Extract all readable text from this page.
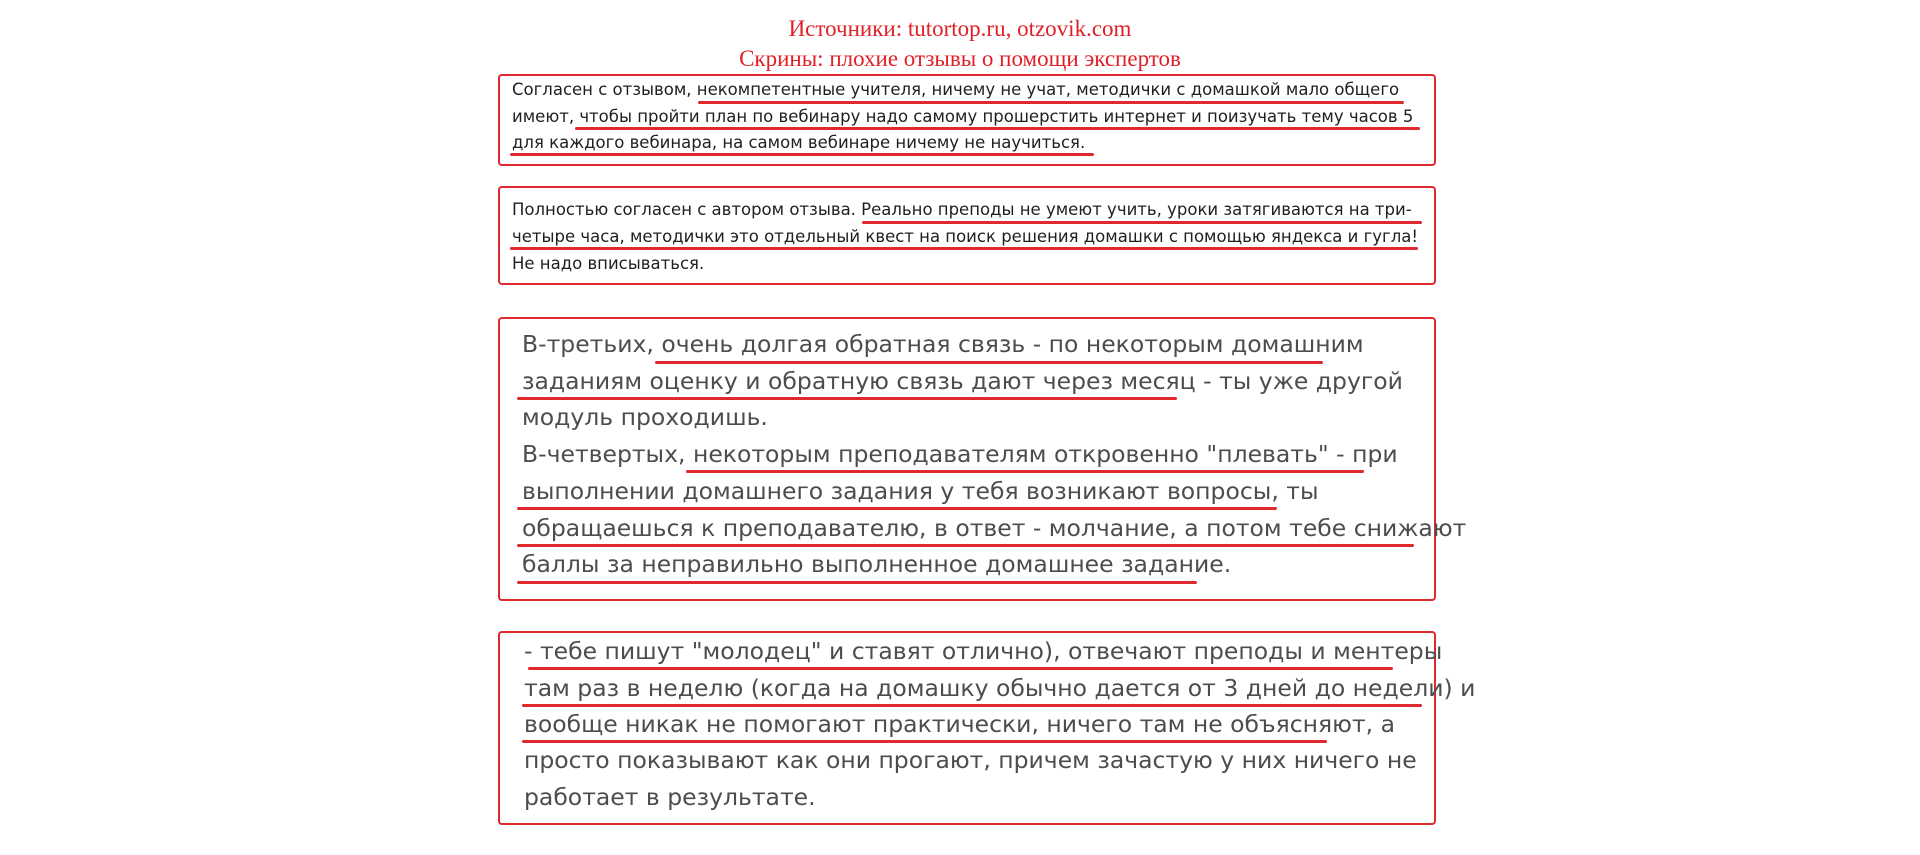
Источники: tutortop.ru, otzovik.com
Скрины: плохие отзывы о помощи экспертов
Согласен с отзывом, некомпетентные учителя, ничему не учат, методички с домашкой мало общего
имеют, чтобы пройти план по вебинару надо самому прошерстить интернет и поизучать тему часов 5
для каждого вебинара, на самом вебинаре ничему не научиться.
Полностью согласен с автором отзыва. Реально преподы не умеют учить, уроки затягиваются на три-
четыре часа, методички это отдельный квест на поиск решения домашки с помощью яндекса и гугла!
Не надо вписываться.
В-третьих, очень долгая обратная связь - по некоторым домашним
заданиям оценку и обратную связь дают через месяц - ты уже другой
модуль проходишь.
В-четвертых, некоторым преподавателям откровенно "плевать" - при
выполнении домашнего задания у тебя возникают вопросы, ты
обращаешься к преподавателю, в ответ - молчание, а потом тебе снижают
баллы за неправильно выполненное домашнее задание.
- тебе пишут "молодец" и ставят отлично), отвечают преподы и ментеры
там раз в неделю (когда на домашку обычно дается от 3 дней до недели) и
вообще никак не помогают практически, ничего там не объясняют, а
просто показывают как они прогают, причем зачастую у них ничего не
работает в результате.
